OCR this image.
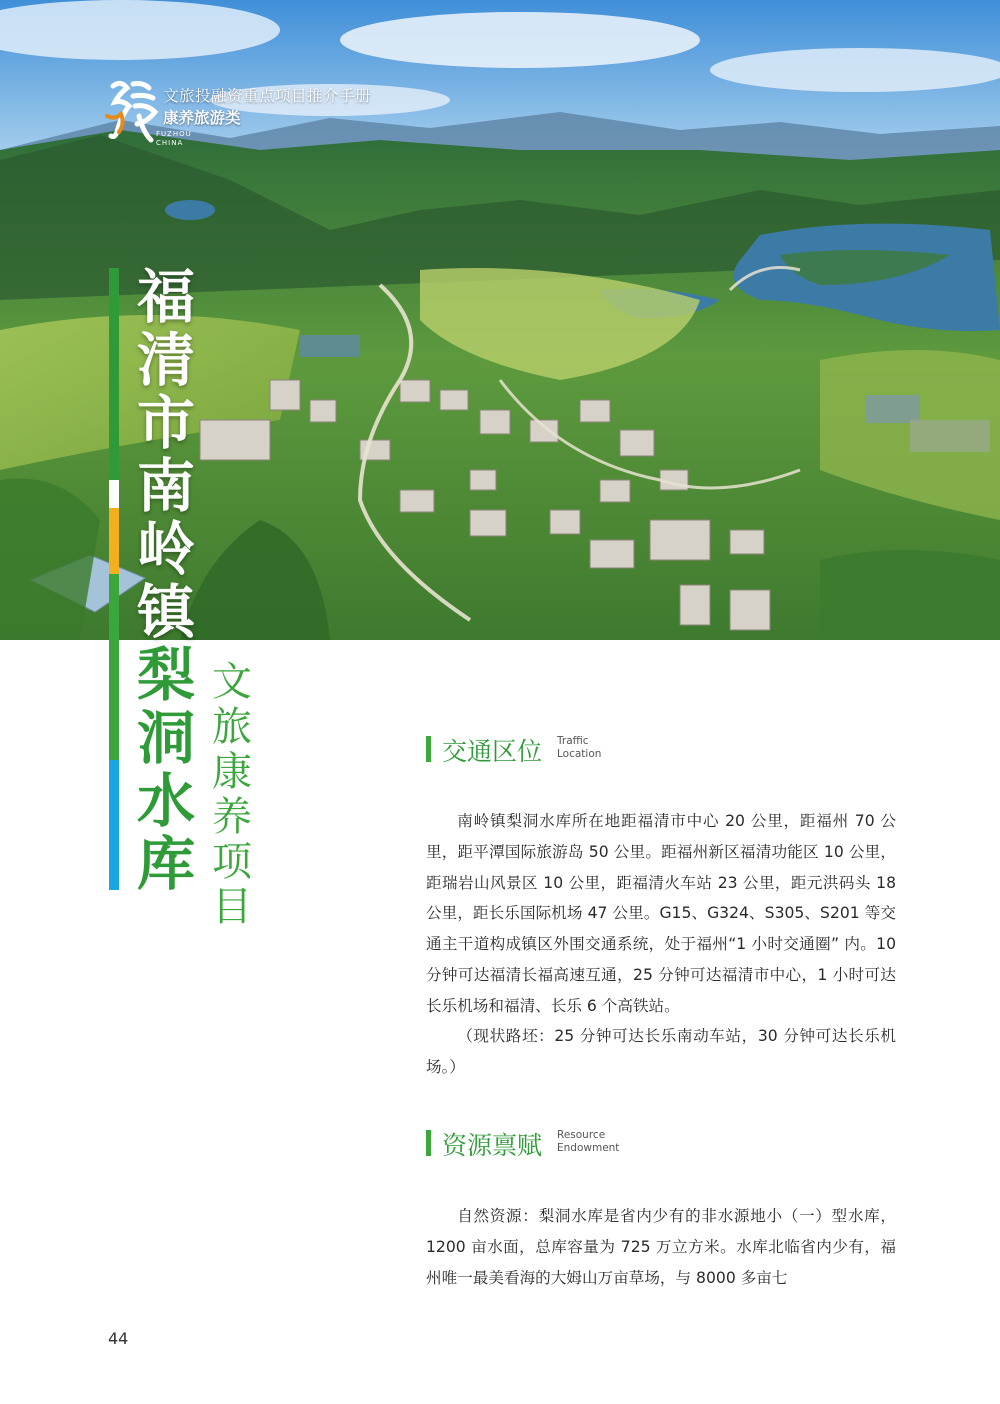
FUZHOU
CHINA
文旅投融资重点项目推介手册
康养旅游类
福
清
市
南
岭
镇
梨
洞
水
库
文
旅
康
养
项
目
交通区位 Traffic
Location

南岭镇梨洞水库所在地距福清市中心 20 公里，距福州 70 公里，距平潭国际旅游岛 50 公里。距福州新区福清功能区 10 公里，距瑞岩山风景区 10 公里，距福清火车站 23 公里，距元洪码头 18 公里，距长乐国际机场 47 公里。G15、G324、S305、S201 等交通主干道构成镇区外围交通系统，处于福州“1 小时交通圈” 内。10 分钟可达福清长福高速互通，25 分钟可达福清市中心，1 小时可达长乐机场和福清、长乐 6 个高铁站。

（现状路坯：25 分钟可达长乐南动车站，30 分钟可达长乐机场。）

资源禀赋 Resource
Endowment

自然资源：梨洞水库是省内少有的非水源地小（一）型水库，1200 亩水面，总库容量为 725 万立方米。水库北临省内少有，福州唯一最美看海的大姆山万亩草场，与 8000 多亩七

44
